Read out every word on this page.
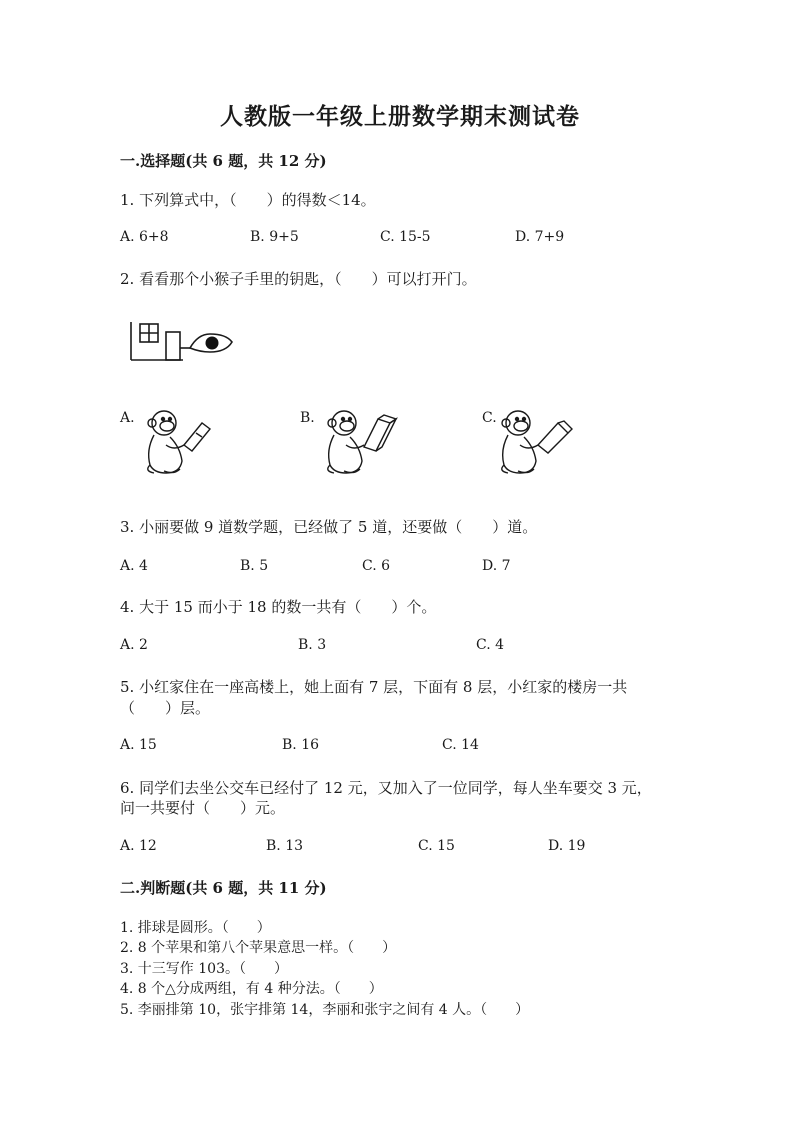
人教版一年级上册数学期末测试卷
一.选择题(共 6 题，共 12 分)
1. 下列算式中，（　　）的得数＜14。
A. 6+8	B. 9+5	C. 15-5	D. 7+9
2. 看看那个小猴子手里的钥匙，（　　）可以打开门。
A.	B.	C.
3. 小丽要做 9 道数学题，已经做了 5 道，还要做（　　）道。
A. 4	B. 5	C. 6	D. 7
4. 大于 15 而小于 18 的数一共有（　　）个。
A. 2	B. 3	C. 4
5. 小红家住在一座高楼上，她上面有 7 层，下面有 8 层，小红家的楼房一共
（　　）层。
A. 15	B. 16	C. 14
6. 同学们去坐公交车已经付了 12 元，又加入了一位同学，每人坐车要交 3 元，
问一共要付（　　）元。
A. 12	B. 13	C. 15	D. 19
二.判断题(共 6 题，共 11 分)
1. 排球是圆形。（　　）
2. 8 个苹果和第八个苹果意思一样。（　　）
3. 十三写作 103。（　　）
4. 8 个△分成两组，有 4 种分法。（　　）
5. 李丽排第 10，张宇排第 14，李丽和张宇之间有 4 人。（　　）
